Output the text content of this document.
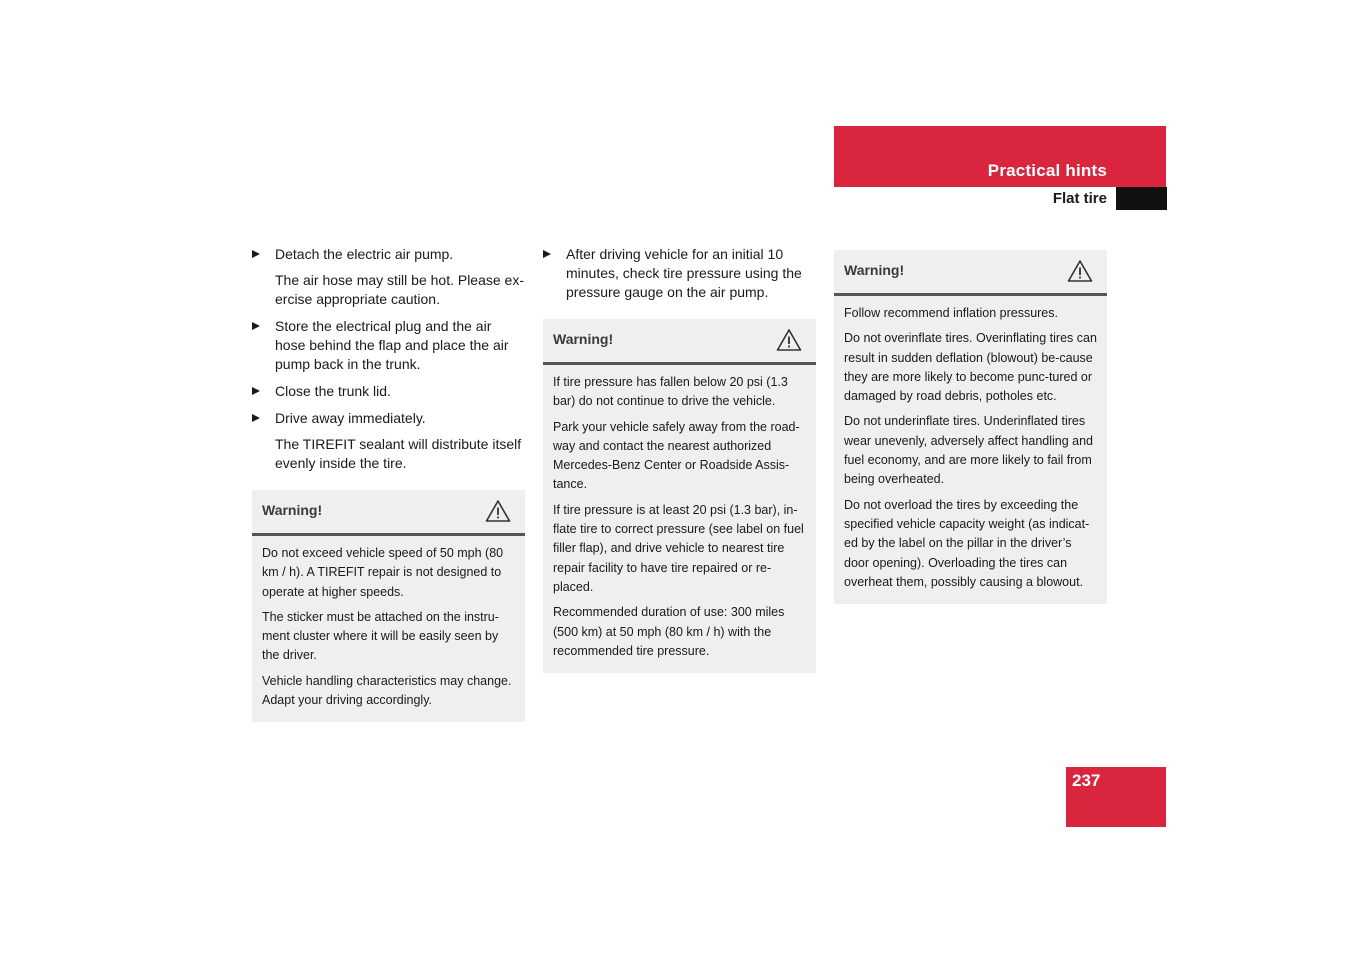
Practical hints
Flat tire
Detach the electric air pump.
The air hose may still be hot. Please ex-ercise appropriate caution.
Store the electrical plug and the air hose behind the flap and place the air pump back in the trunk.
Close the trunk lid.
Drive away immediately.
The TIREFIT sealant will distribute itself evenly inside the tire.
Warning!

Do not exceed vehicle speed of 50 mph (80 km / h). A TIREFIT repair is not designed to operate at higher speeds.

The sticker must be attached on the instru-ment cluster where it will be easily seen by the driver.

Vehicle handling characteristics may change. Adapt your driving accordingly.

After driving vehicle for an initial 10 minutes, check tire pressure using the pressure gauge on the air pump.
Warning!

If tire pressure has fallen below 20 psi (1.3 bar) do not continue to drive the vehicle.

Park your vehicle safely away from the road-way and contact the nearest authorized Mercedes-Benz Center or Roadside Assis-tance.

If tire pressure is at least 20 psi (1.3 bar), in-flate tire to correct pressure (see label on fuel filler flap), and drive vehicle to nearest tire repair facility to have tire repaired or re-placed.

Recommended duration of use: 300 miles (500 km) at 50 mph (80 km / h) with the recommended tire pressure.

Warning!

Follow recommend inflation pressures.

Do not overinflate tires. Overinflating tires can result in sudden deflation (blowout) be-cause they are more likely to become punc-tured or damaged by road debris, potholes etc.

Do not underinflate tires. Underinflated tires wear unevenly, adversely affect handling and fuel economy, and are more likely to fail from being overheated.

Do not overload the tires by exceeding the specified vehicle capacity weight (as indicat-ed by the label on the pillar in the driver’s door opening). Overloading the tires can overheat them, possibly causing a blowout.

237
